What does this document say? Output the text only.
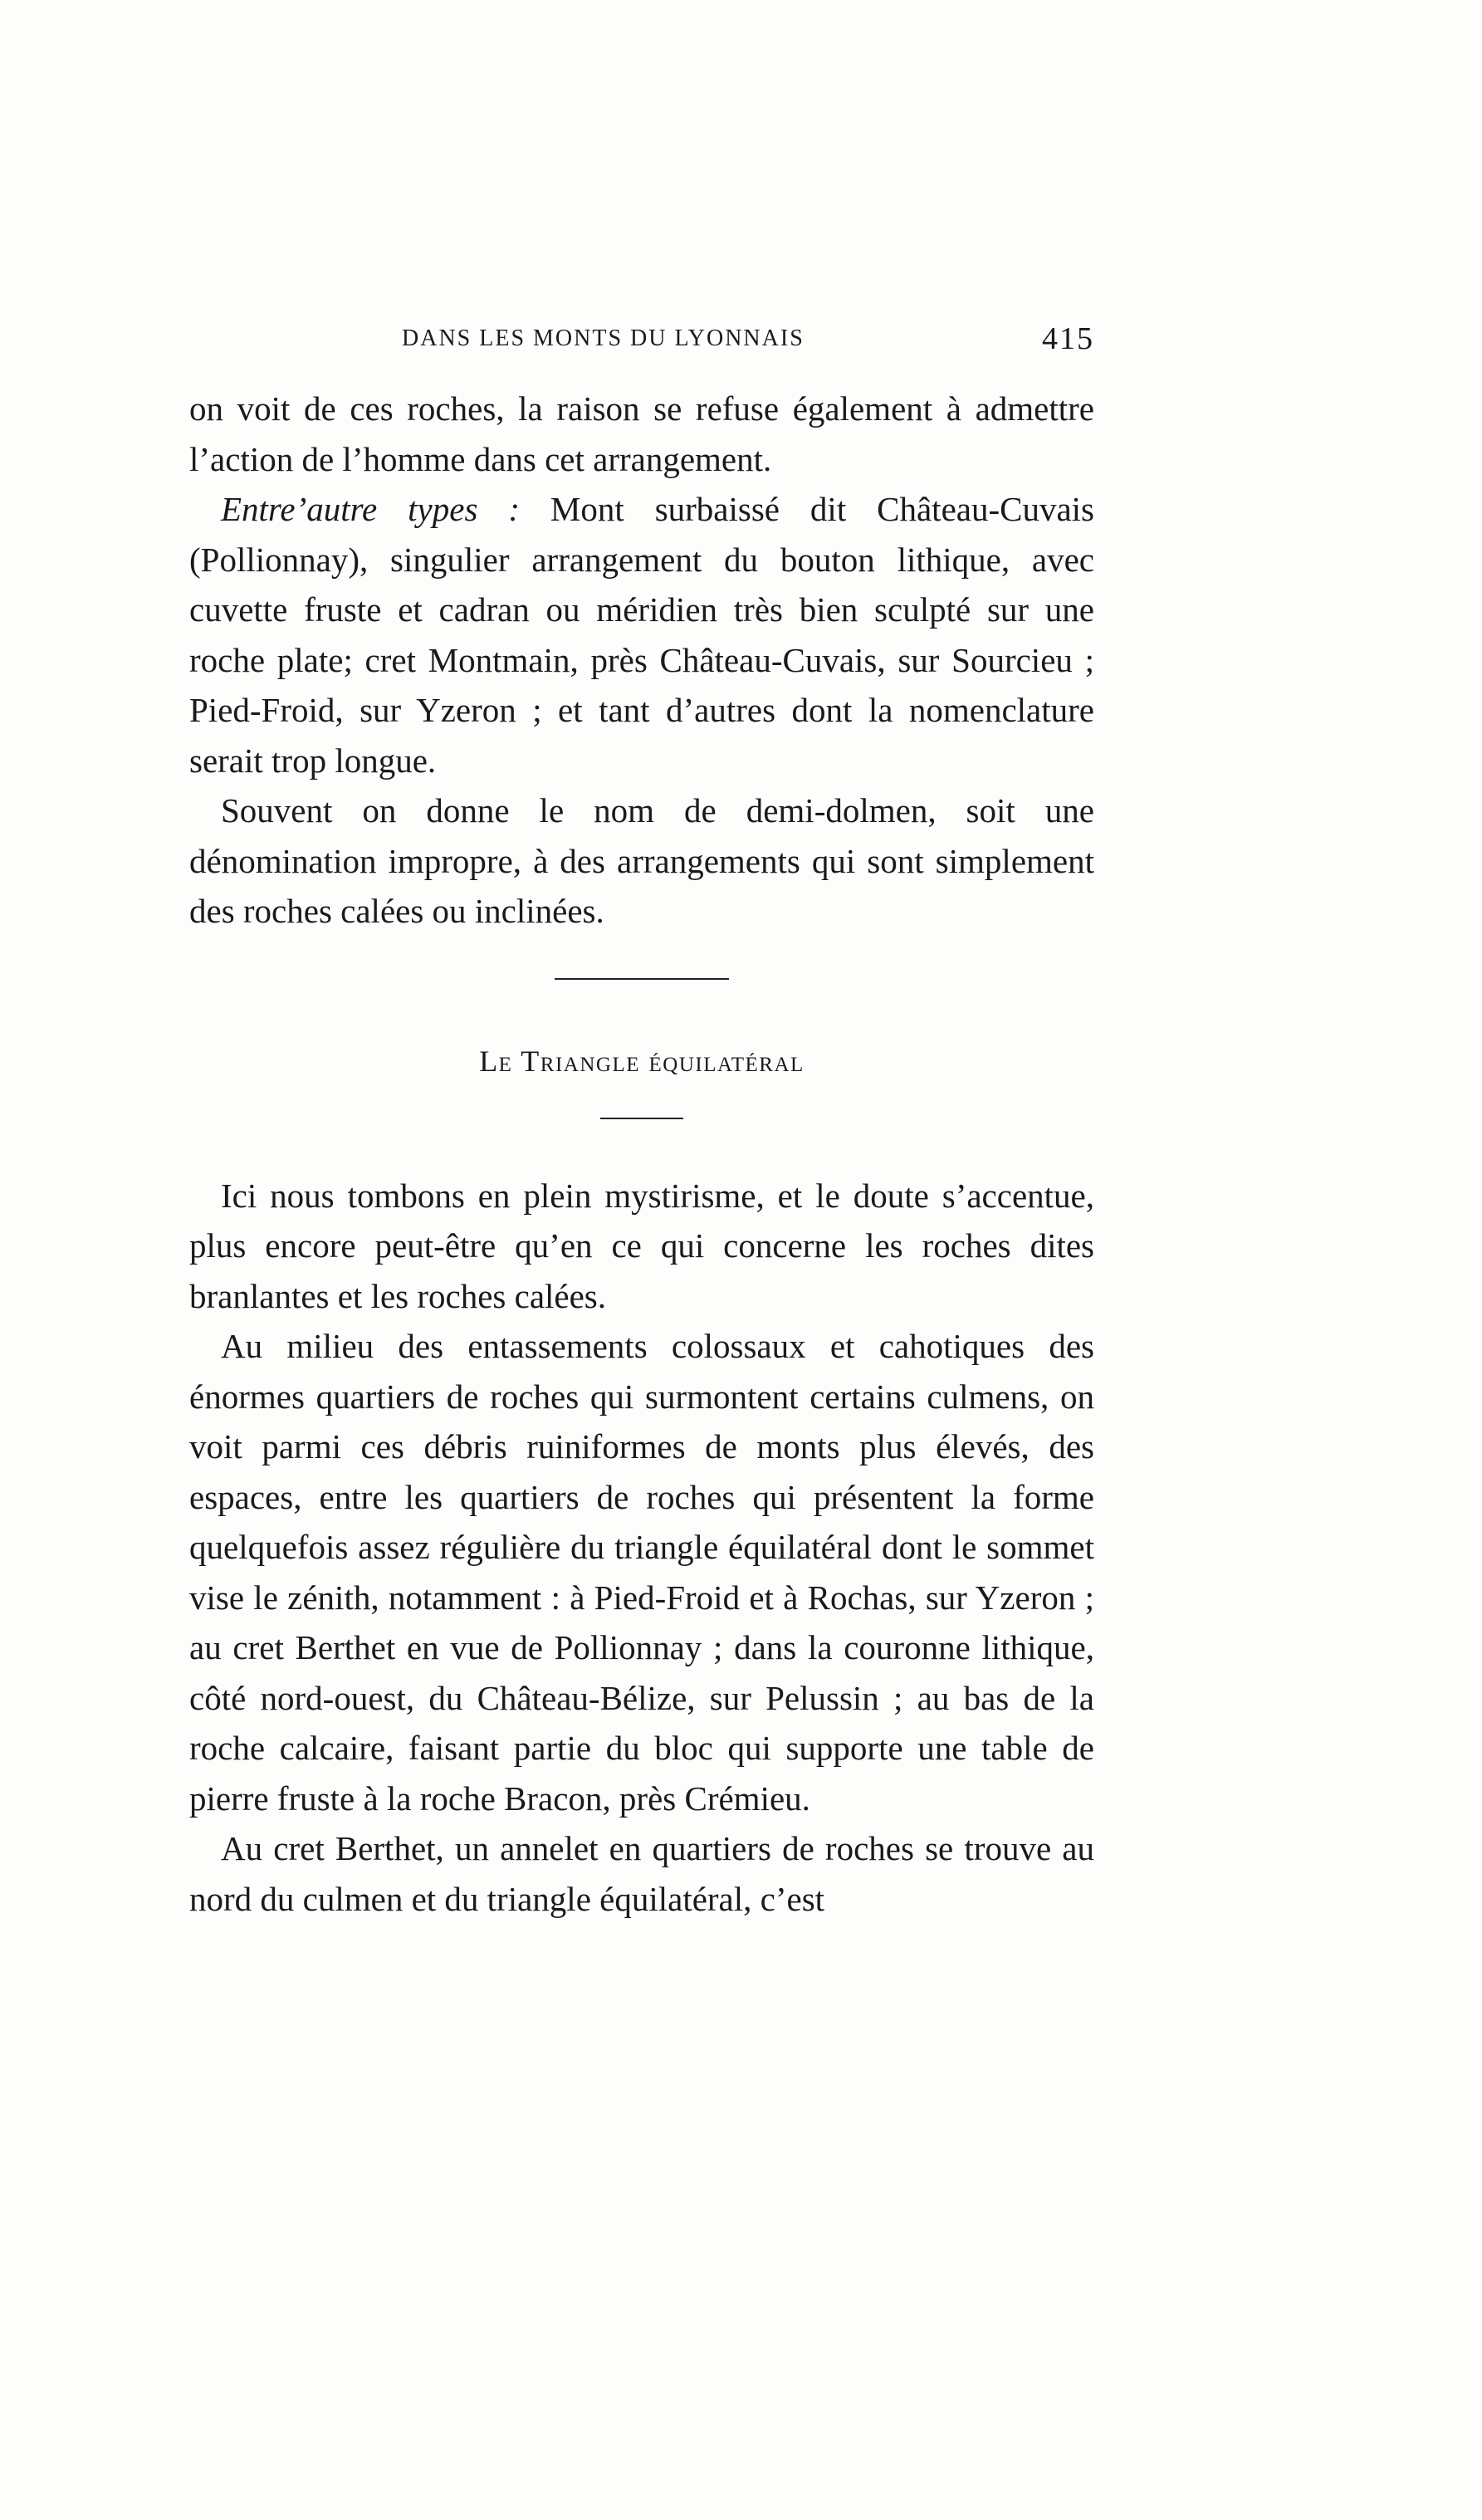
DANS LES MONTS DU LYONNAIS	415

on voit de ces roches, la raison se refuse également à admettre l’action de l’homme dans cet arrangement.

Entre’autre types : Mont surbaissé dit Château-Cuvais (Pollionnay), singulier arrangement du bouton lithique, avec cuvette fruste et cadran ou méridien très bien sculpté sur une roche plate; cret Montmain, près Château-Cuvais, sur Sourcieu ; Pied-Froid, sur Yzeron ; et tant d’autres dont la nomenclature serait trop longue.

Souvent on donne le nom de demi-dolmen, soit une dénomination impropre, à des arrangements qui sont simplement des roches calées ou inclinées.

Le Triangle équilatéral

Ici nous tombons en plein mystirisme, et le doute s’accentue, plus encore peut-être qu’en ce qui concerne les roches dites branlantes et les roches calées.

Au milieu des entassements colossaux et cahotiques des énormes quartiers de roches qui surmontent certains culmens, on voit parmi ces débris ruiniformes de monts plus élevés, des espaces, entre les quartiers de roches qui présentent la forme quelquefois assez régulière du triangle équilatéral dont le sommet vise le zénith, notamment : à Pied-Froid et à Rochas, sur Yzeron ; au cret Berthet en vue de Pollionnay ; dans la couronne lithique, côté nord-ouest, du Château-Bélize, sur Pelussin ; au bas de la roche calcaire, faisant partie du bloc qui supporte une table de pierre fruste à la roche Bracon, près Crémieu.

Au cret Berthet, un annelet en quartiers de roches se trouve au nord du culmen et du triangle équilatéral, c’est
